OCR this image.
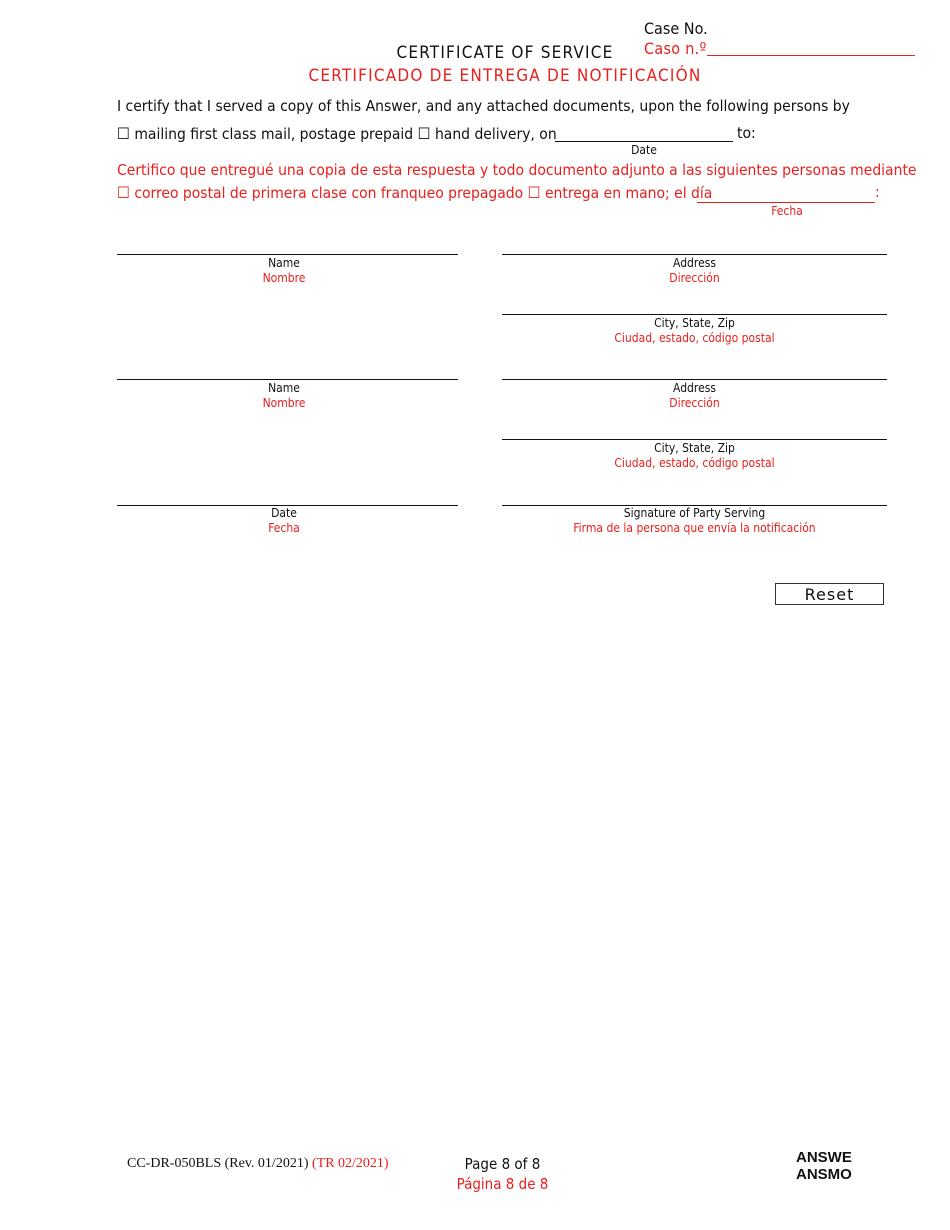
Case No.
Caso n.º
CERTIFICATE OF SERVICE
CERTIFICADO DE ENTREGA DE NOTIFICACIÓN
I certify that I served a copy of this Answer, and any attached documents, upon the following persons by
☐ mailing first class mail, postage prepaid ☐ hand delivery, on	to:
Date
Certifico que entregué una copia de esta respuesta y todo documento adjunto a las siguientes personas mediante
☐ correo postal de primera clase con franqueo prepagado ☐ entrega en mano; el día	:
Fecha
Name
Nombre
Address
Dirección
City, State, Zip
Ciudad, estado, código postal
Name
Nombre
Address
Dirección
City, State, Zip
Ciudad, estado, código postal
Date
Fecha
Signature of Party Serving
Firma de la persona que envía la notificación
Reset
CC-DR-050BLS (Rev. 01/2021) (TR 02/2021)	Page 8 of 8
Página 8 de 8
ANSWE
ANSMO
